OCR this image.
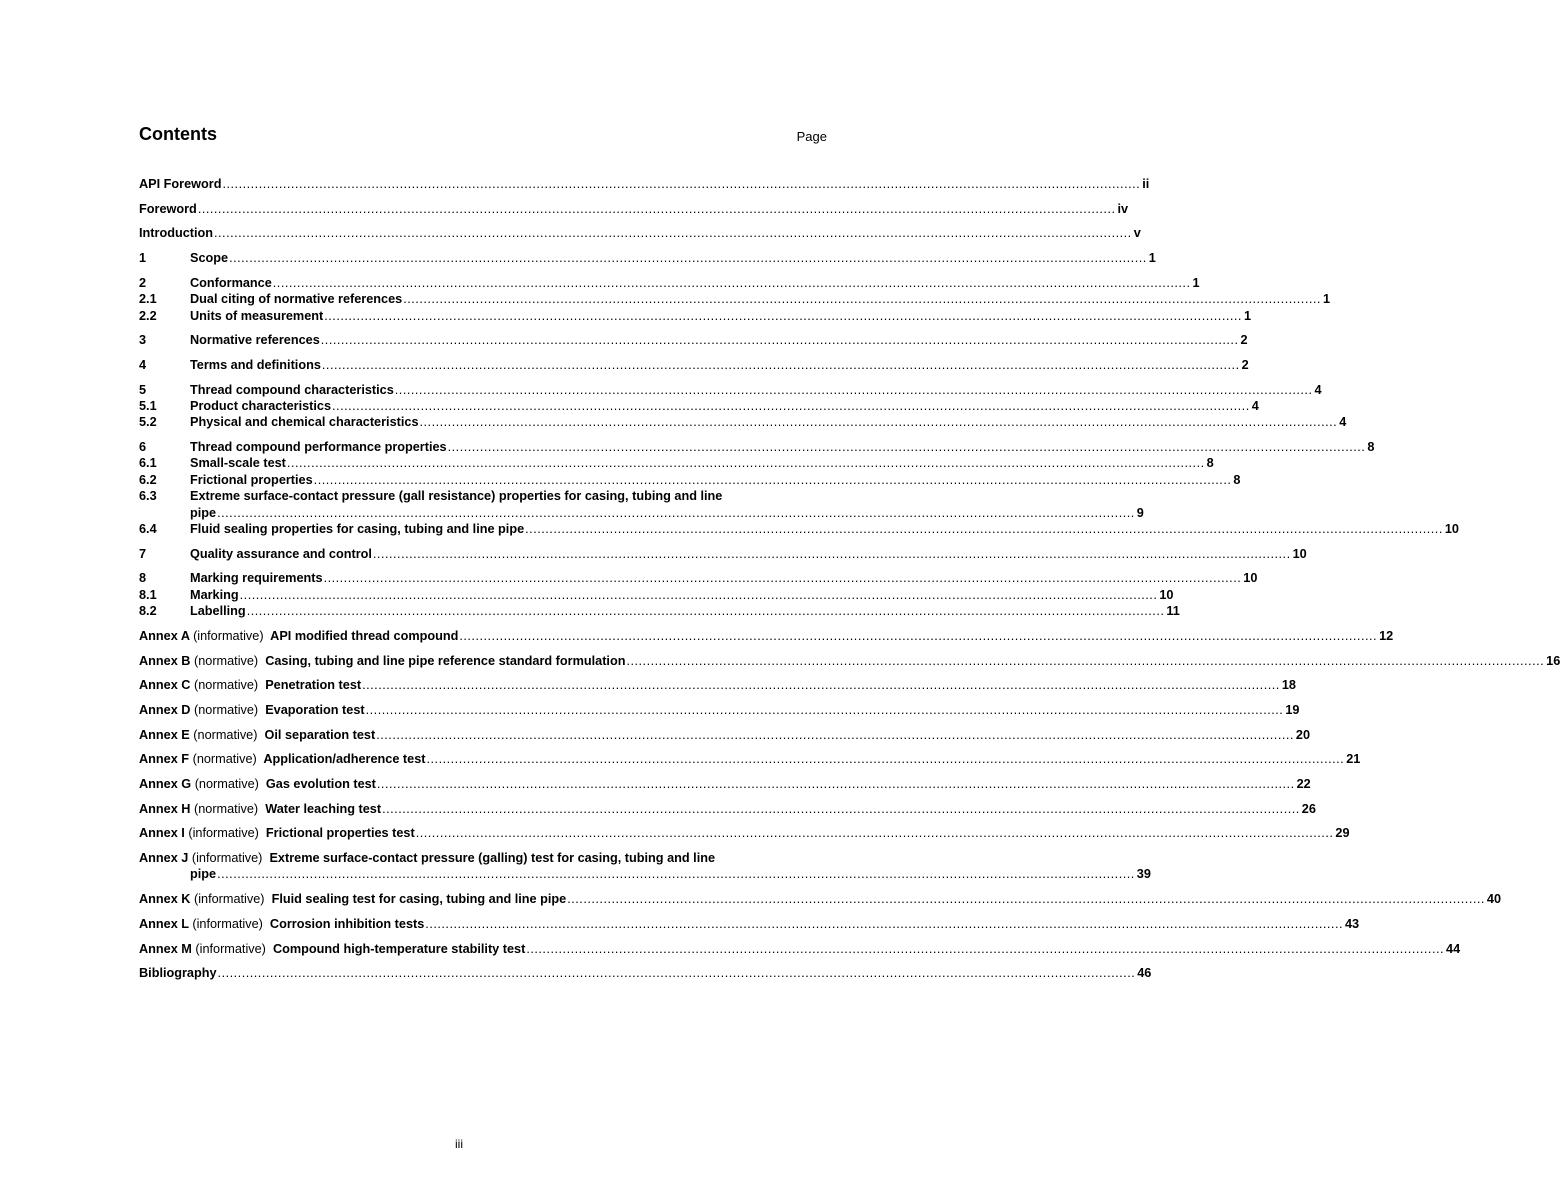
Contents	Page
API Foreword .....	ii
Foreword .....	iv
Introduction .....	v
1	Scope .....	1
2	Conformance .....	1
2.1	Dual citing of normative references .....	1
2.2	Units of measurement .....	1
3	Normative references .....	2
4	Terms and definitions .....	2
5	Thread compound characteristics .....	4
5.1	Product characteristics .....	4
5.2	Physical and chemical characteristics .....	4
6	Thread compound performance properties .....	8
6.1	Small-scale test .....	8
6.2	Frictional properties .....	8
6.3	Extreme surface-contact pressure (gall resistance) properties for casing, tubing and line
pipe .....	9
6.4	Fluid sealing properties for casing, tubing and line pipe .....	10
7	Quality assurance and control .....	10
8	Marking requirements .....	10
8.1	Marking .....	10
8.2	Labelling .....	11
Annex A (informative) API modified thread compound .....	12
Annex B (normative) Casing, tubing and line pipe reference standard formulation .....	16
Annex C (normative) Penetration test .....	18
Annex D (normative) Evaporation test .....	19
Annex E (normative) Oil separation test .....	20
Annex F (normative) Application/adherence test .....	21
Annex G (normative) Gas evolution test .....	22
Annex H (normative) Water leaching test .....	26
Annex I (informative) Frictional properties test .....	29
Annex J (informative) Extreme surface-contact pressure (galling) test for casing, tubing and line
pipe .....	39
Annex K (informative) Fluid sealing test for casing, tubing and line pipe .....	40
Annex L (informative) Corrosion inhibition tests .....	43
Annex M (informative) Compound high-temperature stability test .....	44
Bibliography .....	46
iii
